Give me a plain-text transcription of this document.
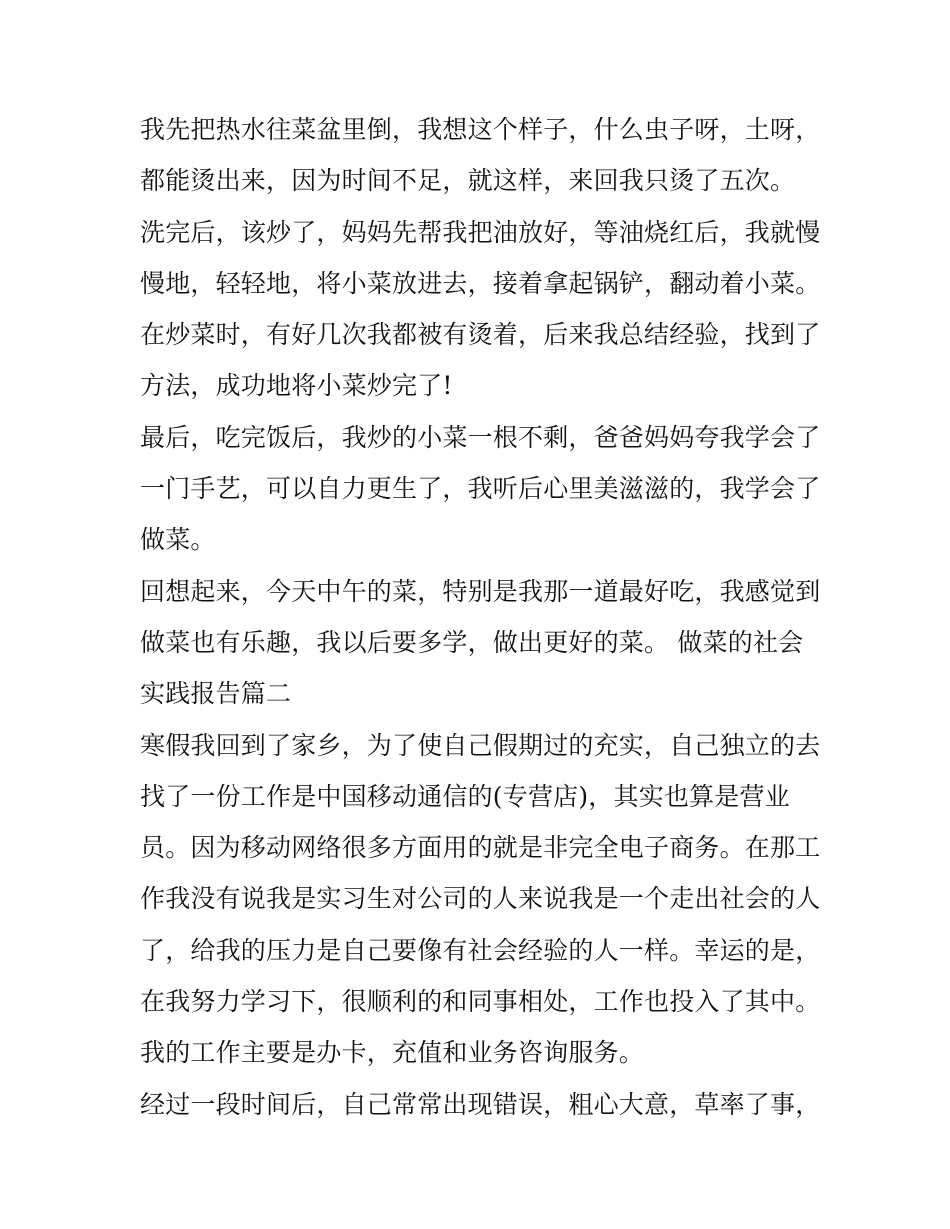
我先把热水往菜盆里倒，我想这个样子，什么虫子呀，土呀，
都能烫出来，因为时间不足，就这样，来回我只烫了五次。
洗完后，该炒了，妈妈先帮我把油放好，等油烧红后，我就慢
慢地，轻轻地，将小菜放进去，接着拿起锅铲，翻动着小菜。
在炒菜时，有好几次我都被有烫着，后来我总结经验，找到了
方法，成功地将小菜炒完了!
最后，吃完饭后，我炒的小菜一根不剩，爸爸妈妈夸我学会了
一门手艺，可以自力更生了，我听后心里美滋滋的，我学会了
做菜。
回想起来，今天中午的菜，特别是我那一道最好吃，我感觉到
做菜也有乐趣，我以后要多学，做出更好的菜。 做菜的社会
实践报告篇二
寒假我回到了家乡，为了使自己假期过的充实，自己独立的去
找了一份工作是中国移动通信的(专营店)，其实也算是营业
员。因为移动网络很多方面用的就是非完全电子商务。在那工
作我没有说我是实习生对公司的人来说我是一个走出社会的人
了，给我的压力是自己要像有社会经验的人一样。幸运的是，
在我努力学习下，很顺利的和同事相处，工作也投入了其中。
我的工作主要是办卡，充值和业务咨询服务。
经过一段时间后，自己常常出现错误，粗心大意，草率了事，
